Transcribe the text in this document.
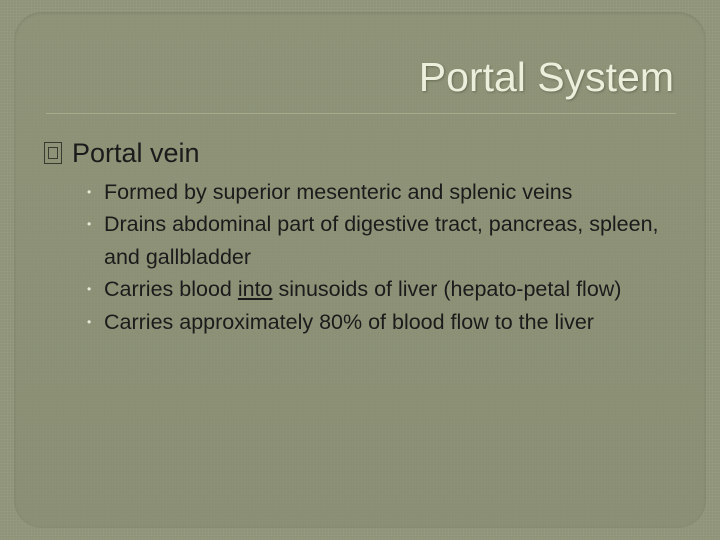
Portal System
Portal vein
• Formed by superior mesenteric and splenic veins
• Drains abdominal part of digestive tract, pancreas, spleen, and gallbladder
• Carries blood into sinusoids of liver (hepato-petal flow)
• Carries approximately 80% of blood flow to the liver
